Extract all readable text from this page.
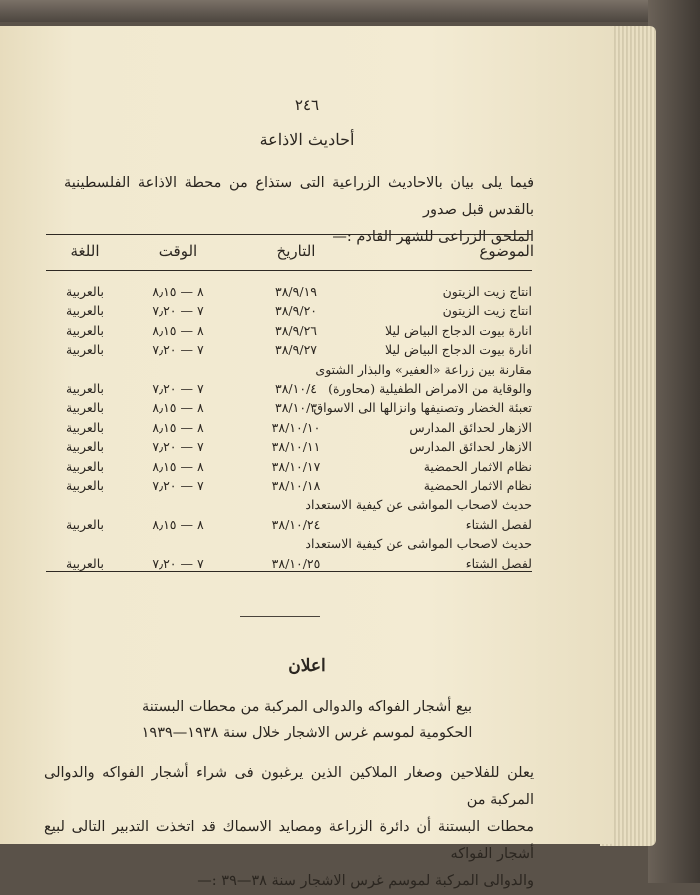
٢٤٦
أحاديث الاذاعة

فيما يلى بيان بالاحاديث الزراعية التى ستذاع من محطة الاذاعة الفلسطينية بالقدس قبل صدور

الملحق الزراعى للشهر القادم :—

الموضوع
التاريخ
الوقت
اللغة
انتاج زيت الزيتون
٣٨/٩/١٩
٨ — ٨٫١٥
بالعربية
انتاج زيت الزيتون
٣٨/٩/٢٠
٧ — ٧٫٢٠
بالعربية
انارة بيوت الدجاج البياض ليلا
٣٨/٩/٢٦
٨ — ٨٫١٥
بالعربية
انارة بيوت الدجاج البياض ليلا
٣٨/٩/٢٧
٧ — ٧٫٢٠
بالعربية
مقارنة بين زراعة «العفير» والبذار الشتوى
والوقاية من الامراض الطفيلية (محاورة)
٣٨/١٠/٤
٧ — ٧٫٢٠
بالعربية
تعبئة الخضار وتصنيفها وانزالها الى الاسواق
٣٨/١٠/٣
٨ — ٨٫١٥
بالعربية
الازهار لحدائق المدارس
٣٨/١٠/١٠
٨ — ٨٫١٥
بالعربية
الازهار لحدائق المدارس
٣٨/١٠/١١
٧ — ٧٫٢٠
بالعربية
نظام الاثمار الحمضية
٣٨/١٠/١٧
٨ — ٨٫١٥
بالعربية
نظام الاثمار الحمضية
٣٨/١٠/١٨
٧ — ٧٫٢٠
بالعربية
حديث لاصحاب المواشى عن كيفية الاستعداد
لفصل الشتاء
٣٨/١٠/٢٤
٨ — ٨٫١٥
بالعربية
حديث لاصحاب المواشى عن كيفية الاستعداد
لفصل الشتاء
٣٨/١٠/٢٥
٧ — ٧٫٢٠
بالعربية
اعلان

بيع أشجار الفواكه والدوالى المركبة من محطات البستنة

الحكومية لموسم غرس الاشجار خلال سنة ١٩٣٨—١٩٣٩

يعلن للفلاحين وصغار الملاكين الذين يرغبون فى شراء أشجار الفواكه والدوالى المركبة من

محطات البستنة أن دائرة الزراعة ومصايد الاسماك قد اتخذت التدبير التالى لبيع أشجار الفواكه

والدوالى المركبة لموسم غرس الاشجار سنة ٣٨—٣٩ :—
